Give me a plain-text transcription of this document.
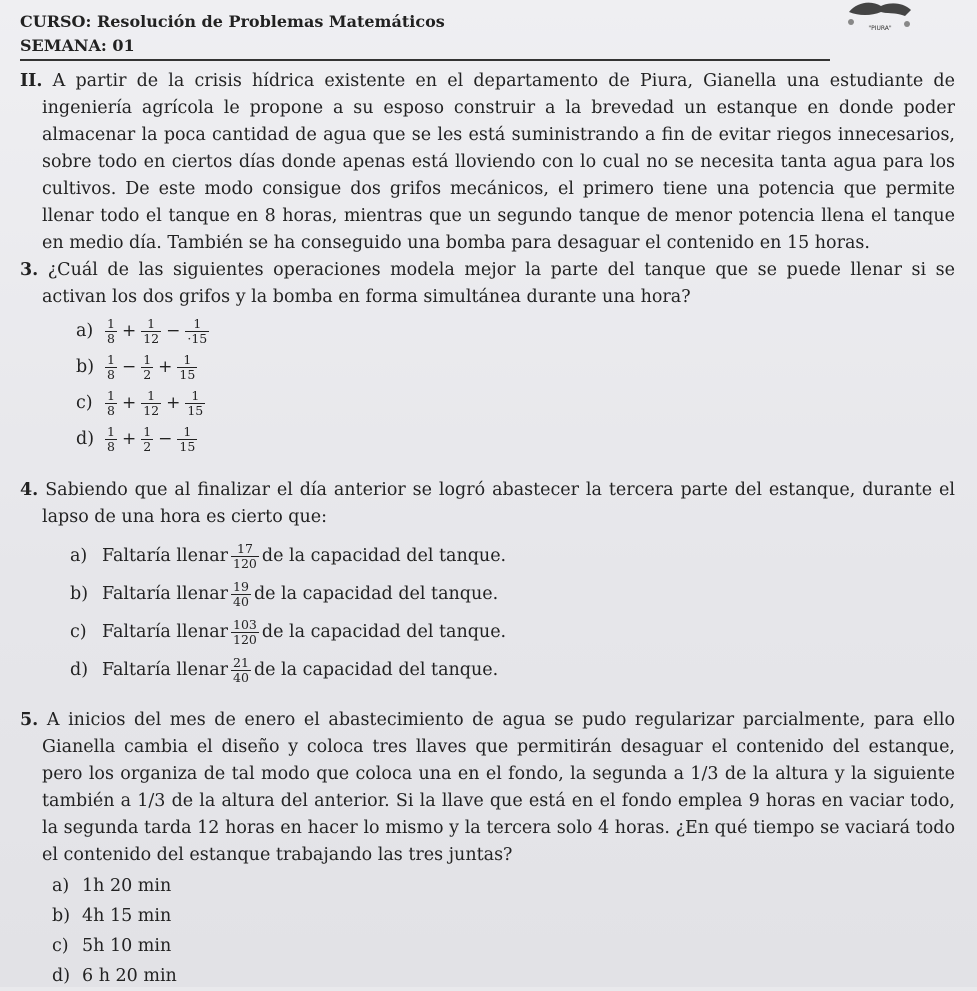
CURSO: Resolución de Problemas Matemáticos
SEMANA: 01
"PIURA"

II. A partir de la crisis hídrica existente en el departamento de Piura, Gianella una estudiante de ingeniería agrícola le propone a su esposo construir a la brevedad un estanque en donde poder almacenar la poca cantidad de agua que se les está suministrando a fin de evitar riegos innecesarios, sobre todo en ciertos días donde apenas está lloviendo con lo cual no se necesita tanta agua para los cultivos. De este modo consigue dos grifos mecánicos, el primero tiene una potencia que permite llenar todo el tanque en 8 horas, mientras que un segundo tanque de menor potencia llena el tanque en medio día. También se ha conseguido una bomba para desaguar el contenido en 15 horas.

3. ¿Cuál de las siguientes operaciones modela mejor la parte del tanque que se puede llenar si se activan los dos grifos y la bomba en forma simultánea durante una hora?

$a) \frac{1}{8} + \frac{1}{12} - \frac{1}{\cdot 15}$
$b) \frac{1}{8} - \frac{1}{2} + \frac{1}{15}$
$c) \frac{1}{8} + \frac{1}{12} + \frac{1}{15}$
$d) \frac{1}{8} + \frac{1}{2} - \frac{1}{15}$

4. Sabiendo que al finalizar el día anterior se logró abastecer la tercera parte del estanque, durante el lapso de una hora es cierto que:

a) Faltaría llenar $\frac{17}{120}$ de la capacidad del tanque.
b) Faltaría llenar $\frac{19}{40}$ de la capacidad del tanque.
c) Faltaría llenar $\frac{103}{120}$ de la capacidad del tanque.
d) Faltaría llenar $\frac{21}{40}$ de la capacidad del tanque.

5. A inicios del mes de enero el abastecimiento de agua se pudo regularizar parcialmente, para ello Gianella cambia el diseño y coloca tres llaves que permitirán desaguar el contenido del estanque, pero los organiza de tal modo que coloca una en el fondo, la segunda a 1/3 de la altura y la siguiente también a 1/3 de la altura del anterior. Si la llave que está en el fondo emplea 9 horas en vaciar todo, la segunda tarda 12 horas en hacer lo mismo y la tercera solo 4 horas. ¿En qué tiempo se vaciará todo el contenido del estanque trabajando las tres juntas?

a) 1h 20 min
b) 4h 15 min
c) 5h 10 min
d) 6 h 20 min
